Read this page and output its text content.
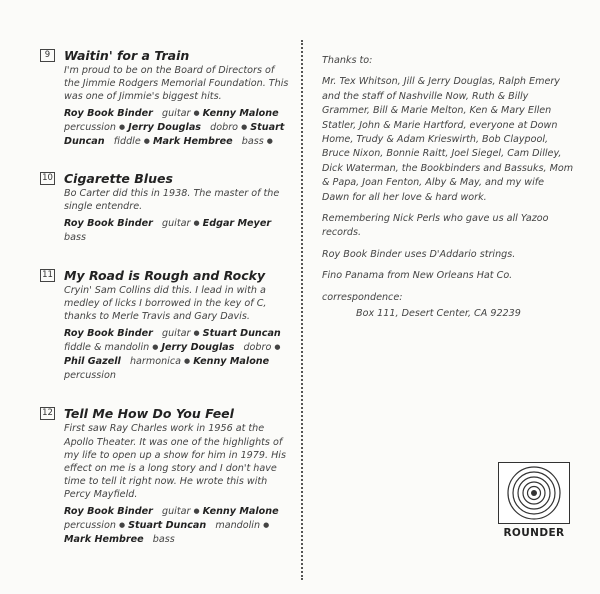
9	Waitin' for a Train
I'm proud to be on the Board of Directors of the Jimmie Rodgers Memorial Foundation. This was one of Jimmie's biggest hits.
Roy Book Binder guitar ● Kenny Malone percussion ● Jerry Douglas dobro ● Stuart Duncan fiddle ● Mark Hembree bass ●
10 Cigarette Blues
Bo Carter did this in 1938. The master of the single entendre.
Roy Book Binder guitar ● Edgar Meyer
bass
11 My Road is Rough and Rocky
Cryin' Sam Collins did this. I lead in with a medley of licks I borrowed in the key of C, thanks to Merle Travis and Gary Davis.
Roy Book Binder guitar ● Stuart Duncan fiddle & mandolin ● Jerry Douglas dobro ● Phil Gazell harmonica ● Kenny Malone
percussion
12 Tell Me How Do You Feel
First saw Ray Charles work in 1956 at the Apollo Theater. It was one of the highlights of my life to open up a show for him in 1979. His effect on me is a long story and I don't have time to tell it right now. He wrote this with Percy Mayfield.
Roy Book Binder guitar ● Kenny Malone
percussion ● Stuart Duncan mandolin ● Mark Hembree bass

Thanks to:

Mr. Tex Whitson, Jill & Jerry Douglas, Ralph Emery and the staff of Nashville Now, Ruth & Billy Grammer, Bill & Marie Melton, Ken & Mary Ellen Statler, John & Marie Hartford, everyone at Down Home, Trudy & Adam Krieswirth, Bob Claypool, Bruce Nixon, Bonnie Raitt, Joel Siegel, Cam Dilley, Dick Waterman, the Bookbinders and Bassuks, Mom & Papa, Joan Fenton, Alby & May, and my wife Dawn for all her love & hard work.

Remembering Nick Perls who gave us all Yazoo records.

Roy Book Binder uses D'Addario strings.

Fino Panama from New Orleans Hat Co.

correspondence:

Box 111, Desert Center, CA 92239

ROUNDER
